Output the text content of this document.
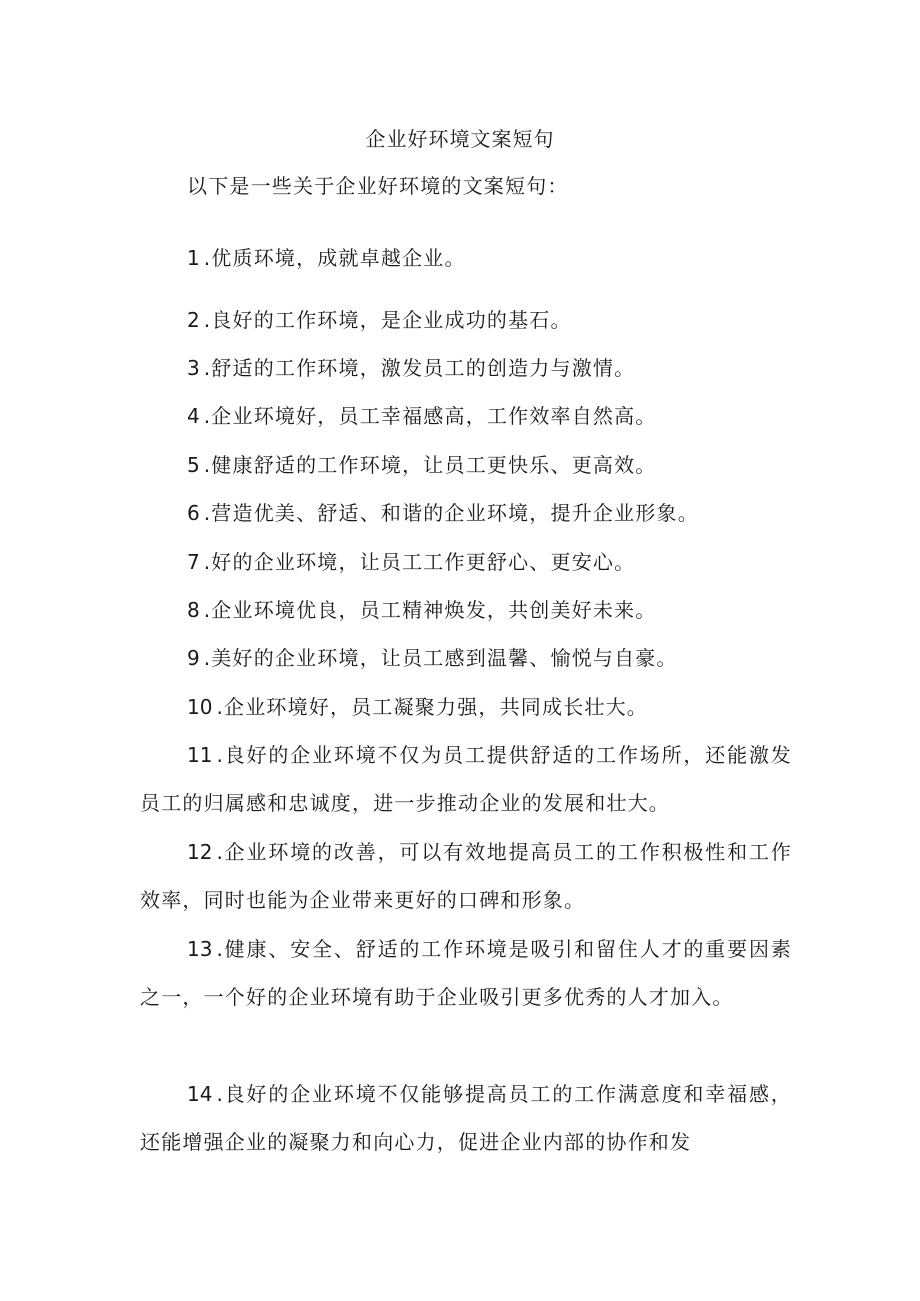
企业好环境文案短句
以下是一些关于企业好环境的文案短句：

1 .优质环境，成就卓越企业。

2 .良好的工作环境，是企业成功的基石。

3 .舒适的工作环境，激发员工的创造力与激情。

4 .企业环境好，员工幸福感高，工作效率自然高。

5 .健康舒适的工作环境，让员工更快乐、更高效。

6 .营造优美、舒适、和谐的企业环境，提升企业形象。

7 .好的企业环境，让员工工作更舒心、更安心。

8 .企业环境优良，员工精神焕发，共创美好未来。

9 .美好的企业环境，让员工感到温馨、愉悦与自豪。

10 .企业环境好，员工凝聚力强，共同成长壮大。

11 .良好的企业环境不仅为员工提供舒适的工作场所，还能激发员工的归属感和忠诚度，进一步推动企业的发展和壮大。

12 .企业环境的改善，可以有效地提高员工的工作积极性和工作效率，同时也能为企业带来更好的口碑和形象。

13 .健康、安全、舒适的工作环境是吸引和留住人才的重要因素之一，一个好的企业环境有助于企业吸引更多优秀的人才加入。

14 .良好的企业环境不仅能够提高员工的工作满意度和幸福感，还能增强企业的凝聚力和向心力，促进企业内部的协作和发
